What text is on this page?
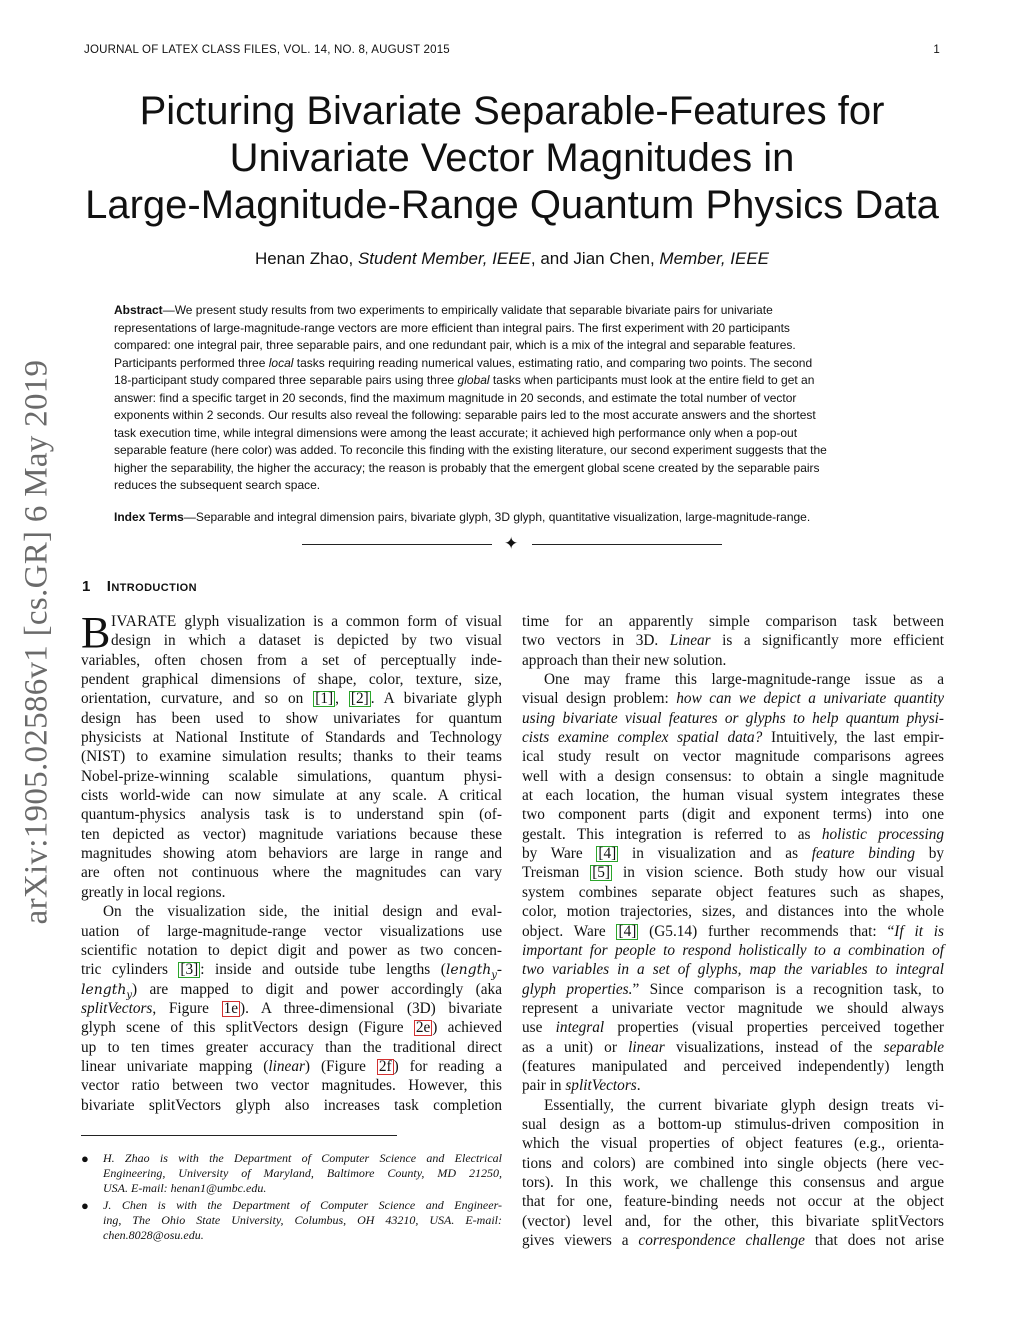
JOURNAL OF LATEX CLASS FILES, VOL. 14, NO. 8, AUGUST 2015	1
arXiv:1905.02586v1 [cs.GR] 6 May 2019
Picturing Bivariate Separable-Features for
Univariate Vector Magnitudes in
Large-Magnitude-Range Quantum Physics Data
Henan Zhao, Student Member, IEEE, and Jian Chen, Member, IEEE
Abstract—We present study results from two experiments to empirically validate that separable bivariate pairs for univariate
representations of large-magnitude-range vectors are more efficient than integral pairs. The first experiment with 20 participants
compared: one integral pair, three separable pairs, and one redundant pair, which is a mix of the integral and separable features.
Participants performed three local tasks requiring reading numerical values, estimating ratio, and comparing two points. The second
18-participant study compared three separable pairs using three global tasks when participants must look at the entire field to get an
answer: find a specific target in 20 seconds, find the maximum magnitude in 20 seconds, and estimate the total number of vector
exponents within 2 seconds. Our results also reveal the following: separable pairs led to the most accurate answers and the shortest
task execution time, while integral dimensions were among the least accurate; it achieved high performance only when a pop-out
separable feature (here color) was added. To reconcile this finding with the existing literature, our second experiment suggests that the
higher the separability, the higher the accuracy; the reason is probably that the emergent global scene created by the separable pairs
reduces the subsequent search space.
Index Terms—Separable and integral dimension pairs, bivariate glyph, 3D glyph, quantitative visualization, large-magnitude-range.
✦
1 Introduction
B IVARATE glyph visualization is a common form of visual
design in which a dataset is depicted by two visual
variables, often chosen from a set of perceptually inde-
pendent graphical dimensions of shape, color, texture, size,
orientation, curvature, and so on [1] , [2] . A bivariate glyph
design has been used to show univariates for quantum
physicists at National Institute of Standards and Technology
(NIST) to examine simulation results; thanks to their teams
Nobel-prize-winning scalable simulations, quantum physi-
cists world-wide can now simulate at any scale. A critical
quantum-physics analysis task is to understand spin (of-
ten depicted as vector) magnitude variations because these
magnitudes showing atom behaviors are large in range and
are often not continuous where the magnitudes can vary
greatly in local regions.
On the visualization side, the initial design and eval-
uation of large-magnitude-range vector visualizations use
scientific notation to depict digit and power as two concen-
tric cylinders [3] : inside and outside tube lengths (length$_y$-
length$_y$) are mapped to digit and power accordingly (aka
splitVectors, Figure 1e ). A three-dimensional (3D) bivariate
glyph scene of this splitVectors design (Figure 2e ) achieved
up to ten times greater accuracy than the traditional direct
linear univariate mapping (linear) (Figure 2f ) for reading a
vector ratio between two vector magnitudes. However, this
bivariate splitVectors glyph also increases task completion
● H. Zhao is with the Department of Computer Science and Electrical
Engineering, University of Maryland, Baltimore County, MD 21250,
USA. E-mail: henan1@umbc.edu.
● J. Chen is with the Department of Computer Science and Engineer-
ing, The Ohio State University, Columbus, OH 43210, USA. E-mail:
chen.8028@osu.edu.
time for an apparently simple comparison task between
two vectors in 3D. Linear is a significantly more efficient
approach than their new solution.
One may frame this large-magnitude-range issue as a
visual design problem: how can we depict a univariate quantity
using bivariate visual features or glyphs to help quantum physi-
cists examine complex spatial data? Intuitively, the last empir-
ical study result on vector magnitude comparisons agrees
well with a design consensus: to obtain a single magnitude
at each location, the human visual system integrates these
two component parts (digit and exponent terms) into one
gestalt. This integration is referred to as holistic processing
by Ware [4] in visualization and as feature binding by
Treisman [5] in vision science. Both study how our visual
system combines separate object features such as shapes,
color, motion trajectories, sizes, and distances into the whole
object. Ware [4] (G5.14) further recommends that: “If it is
important for people to respond holistically to a combination of
two variables in a set of glyphs, map the variables to integral
glyph properties.” Since comparison is a recognition task, to
represent a univariate vector magnitude we should always
use integral properties (visual properties perceived together
as a unit) or linear visualizations, instead of the separable
(features manipulated and perceived independently) length
pair in splitVectors.
Essentially, the current bivariate glyph design treats vi-
sual design as a bottom-up stimulus-driven composition in
which the visual properties of object features (e.g., orienta-
tions and colors) are combined into single objects (here vec-
tors). In this work, we challenge this consensus and argue
that for one, feature-binding needs not occur at the object
(vector) level and, for the other, this bivariate splitVectors
gives viewers a correspondence challenge that does not arise
